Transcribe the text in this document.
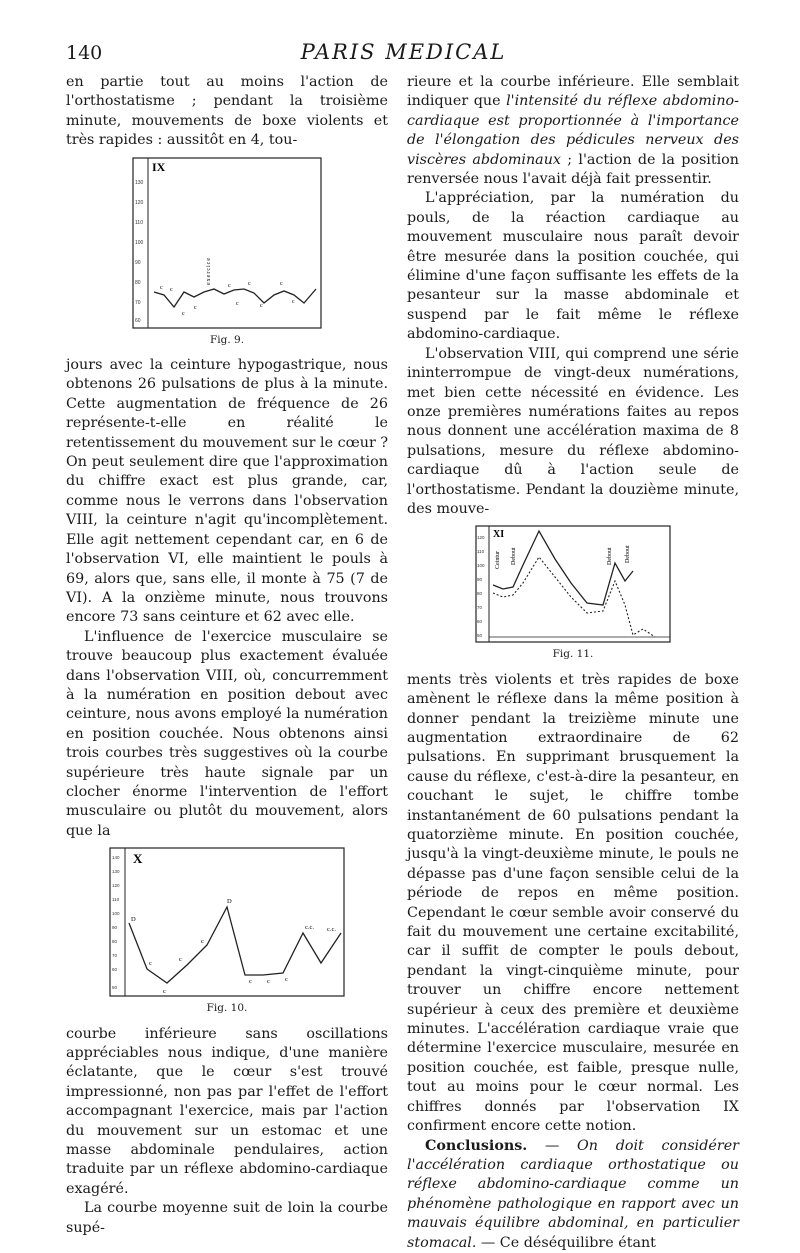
140	PARIS MEDICAL

en partie tout au moins l'action de l'orthostatisme ; pendant la troisième minute, mouvements de boxe violents et très rapides : aussitôt en 4, tou-

IX
130
120
110
100
90
80
70
60
exercice
c c
c
c
c
c
c
c
c
c
Fig. 9.

jours avec la ceinture hypogastrique, nous obtenons 26 pulsations de plus à la minute. Cette augmentation de fréquence de 26 représente-t-elle en réalité le retentissement du mouvement sur le cœur ? On peut seulement dire que l'approximation du chiffre exact est plus grande, car, comme nous le verrons dans l'observation VIII, la ceinture n'agit qu'incomplètement. Elle agit nettement cependant car, en 6 de l'observation VI, elle maintient le pouls à 69, alors que, sans elle, il monte à 75 (7 de VI). A la onzième minute, nous trouvons encore 73 sans ceinture et 62 avec elle.

L'influence de l'exercice musculaire se trouve beaucoup plus exactement évaluée dans l'observation VIII, où, concurremment à la numération en position debout avec ceinture, nous avons employé la numération en position couchée. Nous obtenons ainsi trois courbes très suggestives où la courbe supérieure très haute signale par un clocher énorme l'intervention de l'effort musculaire ou plutôt du mouvement, alors que la

X
140
130
120
110
100
90
80
70
60
50
D
c
c
c
D
c
c c c
c.c. c.c.
Fig. 10.

courbe inférieure sans oscillations appréciables nous indique, d'une manière éclatante, que le cœur s'est trouvé impressionné, non pas par l'effet de l'effort accompagnant l'exercice, mais par l'action du mouvement sur un estomac et une masse abdominale pendulaires, action traduite par un réflexe abdomino-cardiaque exagéré.

La courbe moyenne suit de loin la courbe supé-

rieure et la courbe inférieure. Elle semblait indiquer que l'intensité du réflexe abdomino-cardiaque est proportionnée à l'importance de l'élongation des pédicules nerveux des viscères abdominaux ; l'action de la position renversée nous l'avait déjà fait pressentir.

L'appréciation, par la numération du pouls, de la réaction cardiaque au mouvement musculaire nous paraît devoir être mesurée dans la position couchée, qui élimine d'une façon suffisante les effets de la pesanteur sur la masse abdominale et suspend par le fait même le réflexe abdomino-cardiaque.

L'observation VIII, qui comprend une série ininterrompue de vingt-deux numérations, met bien cette nécessité en évidence. Les onze premières numérations faites au repos nous donnent une accélération maxima de 8 pulsations, mesure du réflexe abdomino-cardiaque dû à l'action seule de l'orthostatisme. Pendant la douzième minute, des mouve-

XI
120
110
100
90
80
70
60
50
Ceintur Debout	Debout Debout
Fig. 11.

ments très violents et très rapides de boxe amènent le réflexe dans la même position à donner pendant la treizième minute une augmentation extraordinaire de 62 pulsations. En supprimant brusquement la cause du réflexe, c'est-à-dire la pesanteur, en couchant le sujet, le chiffre tombe instantanément de 60 pulsations pendant la quatorzième minute. En position couchée, jusqu'à la vingt-deuxième minute, le pouls ne dépasse pas d'une façon sensible celui de la période de repos en même position. Cependant le cœur semble avoir conservé du fait du mouvement une certaine excitabilité, car il suffit de compter le pouls debout, pendant la vingt-cinquième minute, pour trouver un chiffre encore nettement supérieur à ceux des première et deuxième minutes. L'accélération cardiaque vraie que détermine l'exercice musculaire, mesurée en position couchée, est faible, presque nulle, tout au moins pour le cœur normal. Les chiffres donnés par l'observation IX confirment encore cette notion.

Conclusions. — On doit considérer l'accélération cardiaque orthostatique ou réflexe abdomino-cardiaque comme un phénomène pathologique en rapport avec un mauvais équilibre abdominal, en particulier stomacal. — Ce déséquilibre étant
